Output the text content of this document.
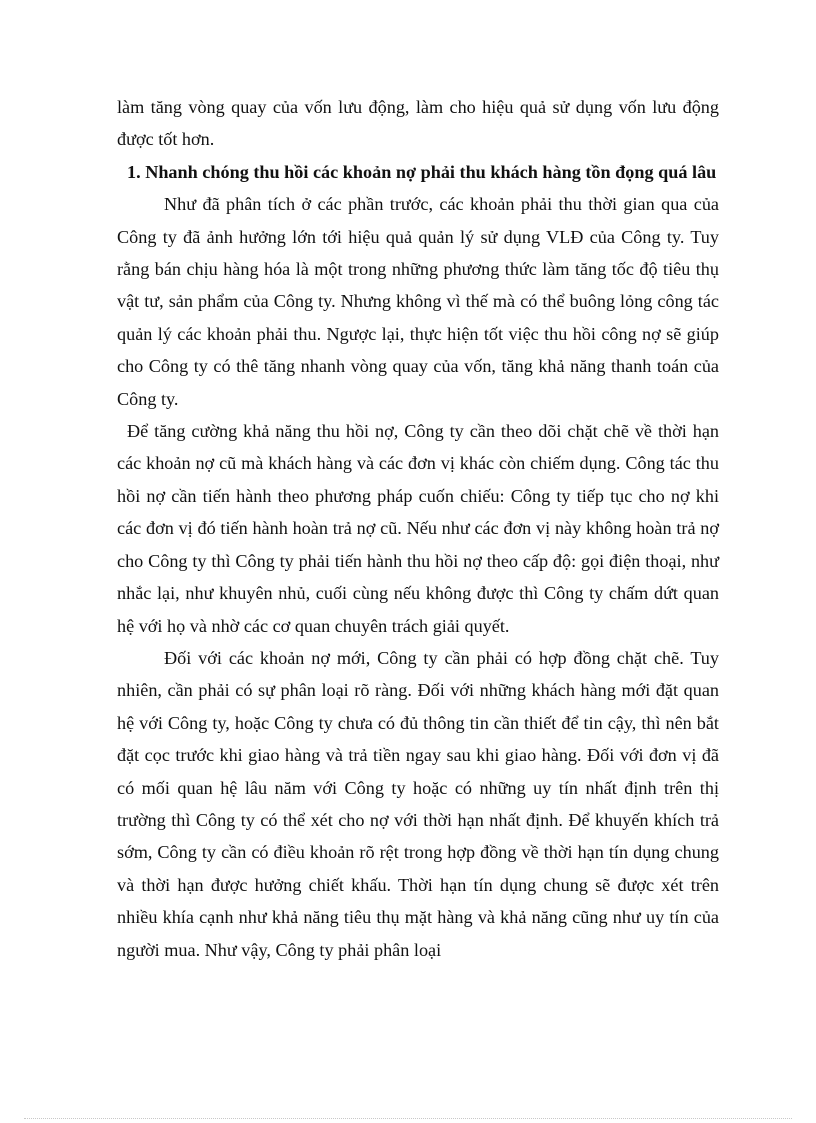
làm tăng vòng quay của vốn lưu động, làm cho hiệu quả sử dụng vốn lưu động được tốt hơn.

1. Nhanh chóng thu hồi các khoản nợ phải thu khách hàng tồn đọng quá lâu

Như đã phân tích ở các phần trước, các khoản phải thu thời gian qua của Công ty đã ảnh hưởng lớn tới hiệu quả quản lý sử dụng VLĐ của Công ty. Tuy rằng bán chịu hàng hóa là một trong những phương thức làm tăng tốc độ tiêu thụ vật tư, sản phẩm của Công ty. Nhưng không vì thế mà có thể buông lỏng công tác quản lý các khoản phải thu. Ngược lại, thực hiện tốt việc thu hồi công nợ sẽ giúp cho Công ty có thê tăng nhanh vòng quay của vốn, tăng khả năng thanh toán của Công ty.

Để tăng cường khả năng thu hồi nợ, Công ty cần theo dõi chặt chẽ về thời hạn các khoản nợ cũ mà khách hàng và các đơn vị khác còn chiếm dụng. Công tác thu hồi nợ cần tiến hành theo phương pháp cuốn chiếu: Công ty tiếp tục cho nợ khi các đơn vị đó tiến hành hoàn trả nợ cũ. Nếu như các đơn vị này không hoàn trả nợ cho Công ty thì Công ty phải tiến hành thu hồi nợ theo cấp độ: gọi điện thoại, như nhắc lại, như khuyên nhủ, cuối cùng nếu không được thì Công ty chấm dứt quan hệ với họ và nhờ các cơ quan chuyên trách giải quyết.

Đối với các khoản nợ mới, Công ty cần phải có hợp đồng chặt chẽ. Tuy nhiên, cần phải có sự phân loại rõ ràng. Đối với những khách hàng mới đặt quan hệ với Công ty, hoặc Công ty chưa có đủ thông tin cần thiết để tin cậy, thì nên bắt đặt cọc trước khi giao hàng và trả tiền ngay sau khi giao hàng. Đối với đơn vị đã có mối quan hệ lâu năm với Công ty hoặc có những uy tín nhất định trên thị trường thì Công ty có thể xét cho nợ với thời hạn nhất định. Để khuyến khích trả sớm, Công ty cần có điều khoản rõ rệt trong hợp đồng về thời hạn tín dụng chung và thời hạn được hưởng chiết khấu. Thời hạn tín dụng chung sẽ được xét trên nhiều khía cạnh như khả năng tiêu thụ mặt hàng và khả năng cũng như uy tín của người mua. Như vậy, Công ty phải phân loại
